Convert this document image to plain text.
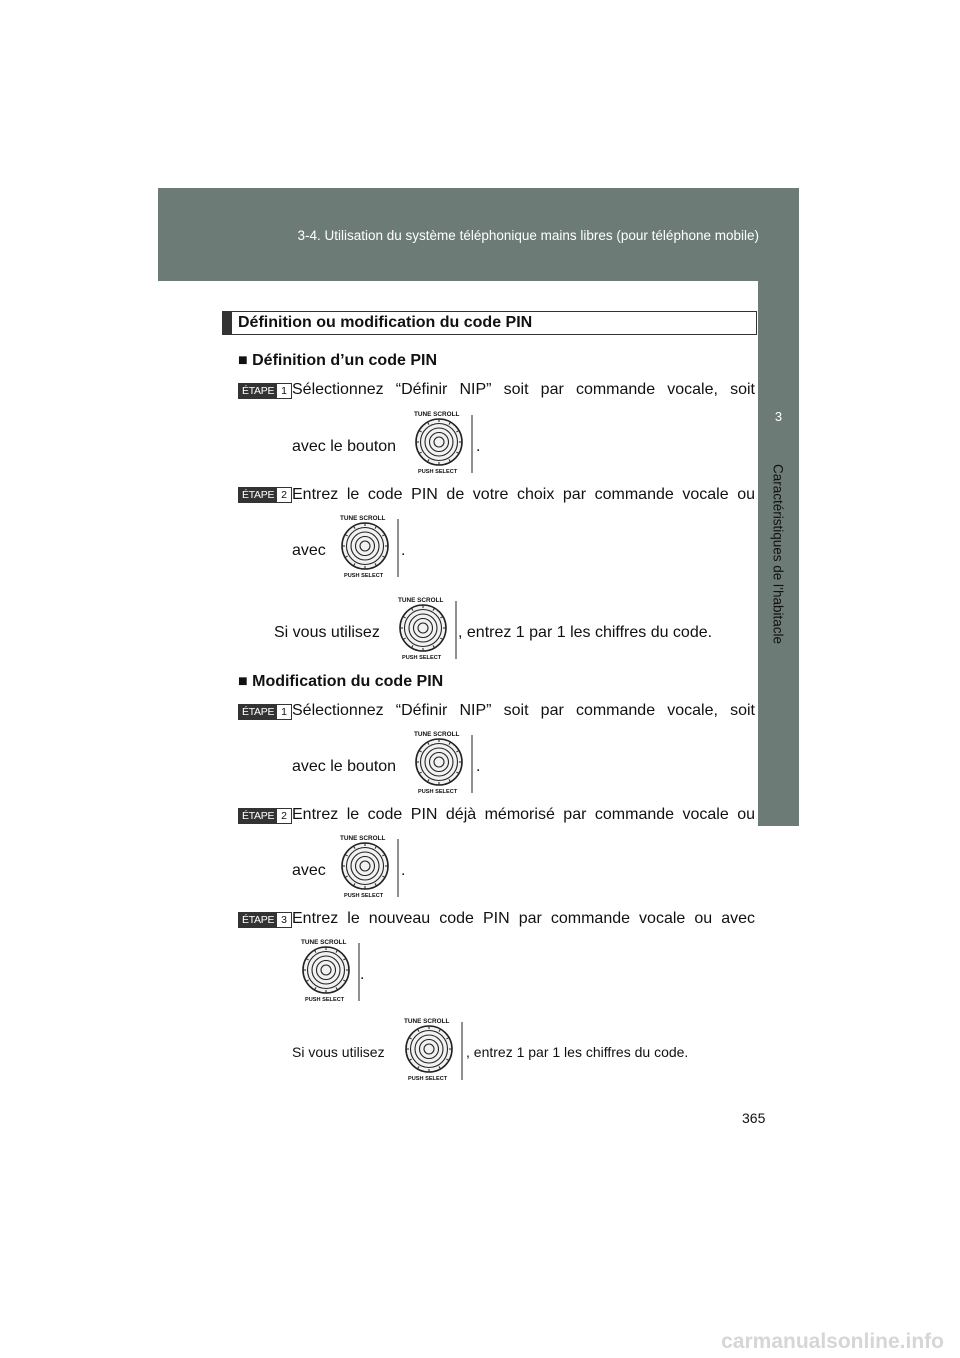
3-4. Utilisation du système téléphonique mains libres (pour téléphone mobile)
3
Caractéristiques de l’habitacle
Définition ou modification du code PIN
■ Définition d’un code PIN
ÉTAPE 1 Sélectionnez “Définir NIP” soit par commande vocale, soit
avec le bouton
TUNE SCROLL
PUSH SELECT
.
ÉTAPE 2 Entrez le code PIN de votre choix par commande vocale ou
avec
TUNE SCROLL
PUSH SELECT
.
Si vous utilisez
TUNE SCROLL
PUSH SELECT
, entrez 1 par 1 les chiffres du code.
■ Modification du code PIN
ÉTAPE 1 Sélectionnez “Définir NIP” soit par commande vocale, soit
avec le bouton
TUNE SCROLL
PUSH SELECT
.
ÉTAPE 2 Entrez le code PIN déjà mémorisé par commande vocale ou
avec
TUNE SCROLL
PUSH SELECT
.
ÉTAPE 3 Entrez le nouveau code PIN par commande vocale ou avec
TUNE SCROLL
PUSH SELECT
.
Si vous utilisez
TUNE SCROLL
PUSH SELECT
, entrez 1 par 1 les chiffres du code.
365
carmanualsonline.info
